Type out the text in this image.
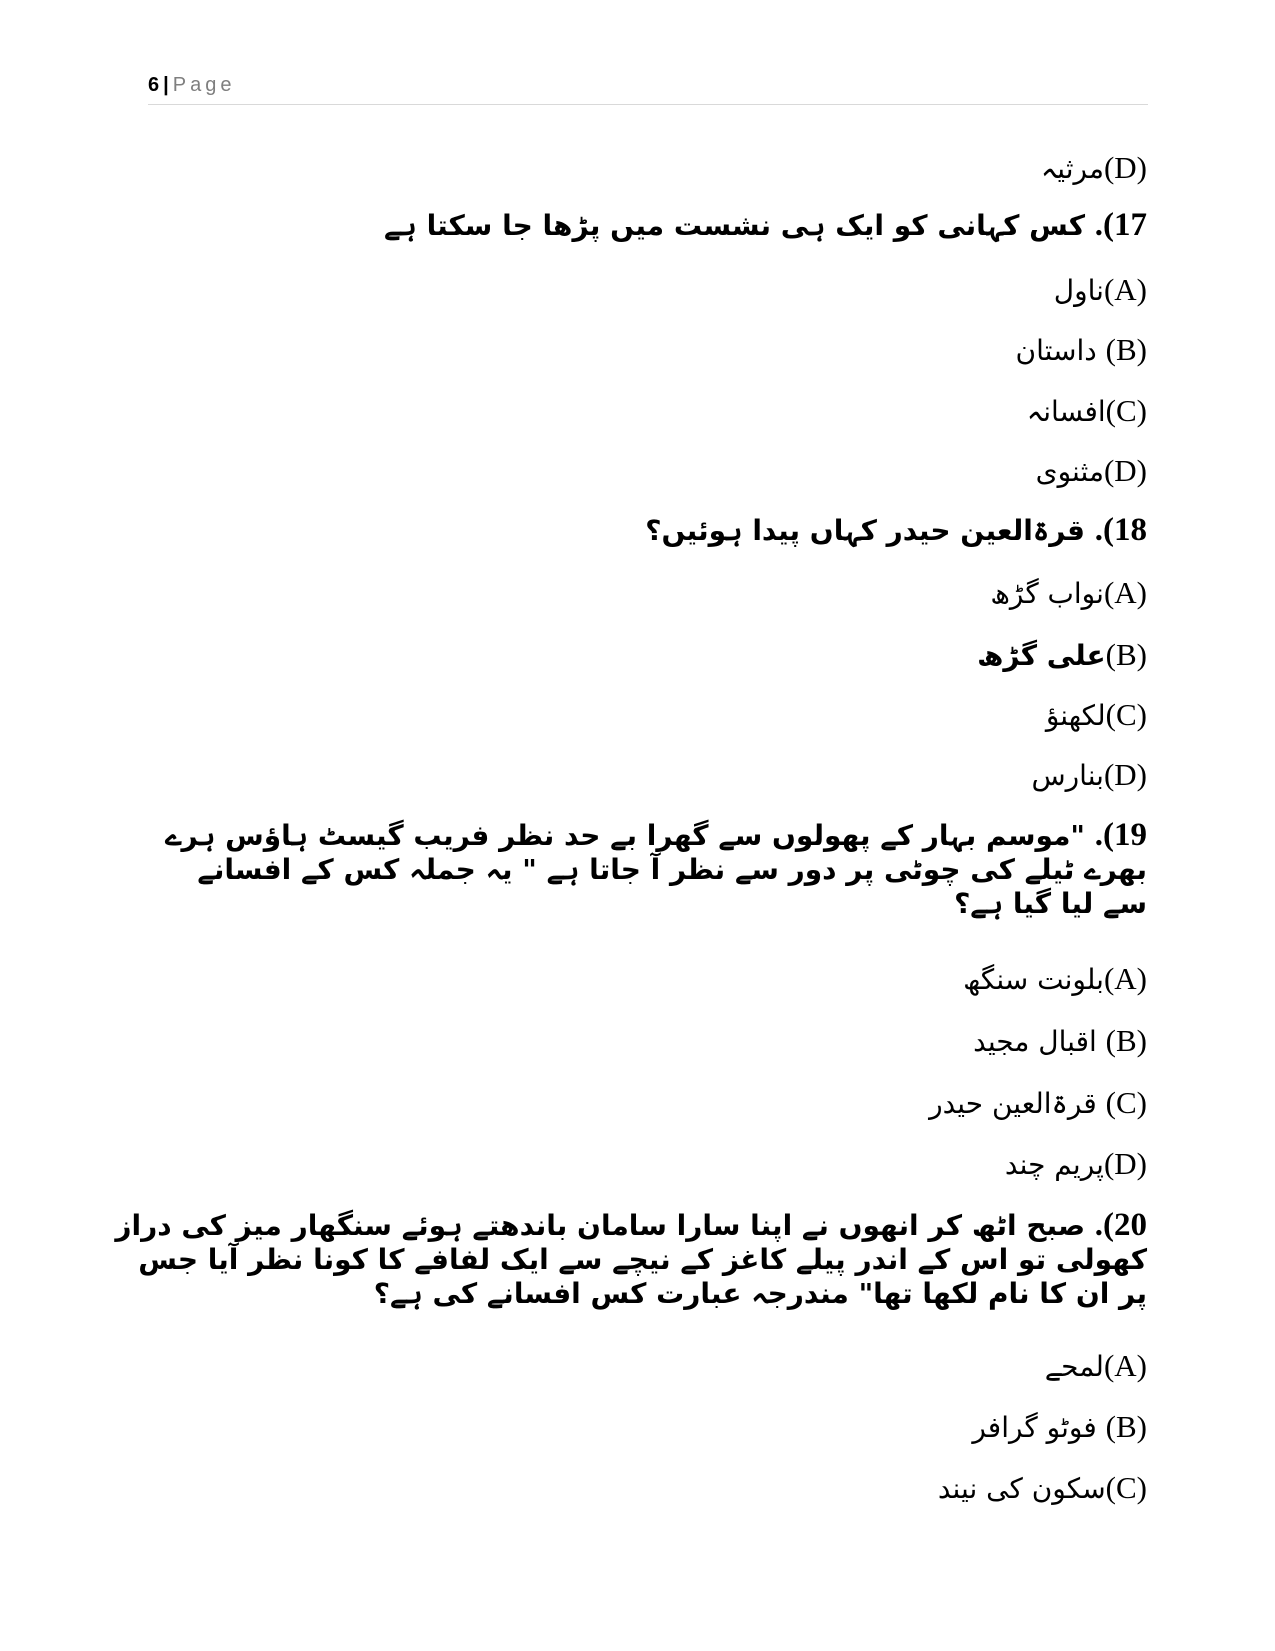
6 | Page
(D)مرثیہ
17). کس کہانی کو ایک ہی نشست میں پڑھا جا سکتا ہے
(A)ناول
(B) داستان
(C)افسانہ
(D)مثنوی
18). قرۃالعین حیدر کہاں پیدا ہوئیں؟
(A)نواب گڑھ
(B)علی گڑھ
(C)لکھنؤ
(D)بنارس
19). "موسم بہار کے پھولوں سے گھرا بے حد نظر فریب گیسٹ ہاؤس ہرے
بھرے ٹیلے کی چوٹی پر دور سے نظر آ جاتا ہے " یہ جملہ کس کے افسانے
سے لیا گیا ہے؟
(A)بلونت سنگھ
(B) اقبال مجید
(C) قرۃالعین حیدر
(D)پریم چند
20). صبح اٹھ کر انھوں نے اپنا سارا سامان باندھتے ہوئے سنگھار میز کی دراز
کھولی تو اس کے اندر پیلے کاغز کے نیچے سے ایک لفافے کا کونا نظر آیا جس
پر ان کا نام لکھا تھا" مندرجہ عبارت کس افسانے کی ہے؟
(A)لمحے
(B) فوٹو گرافر
(C)سکون کی نیند
